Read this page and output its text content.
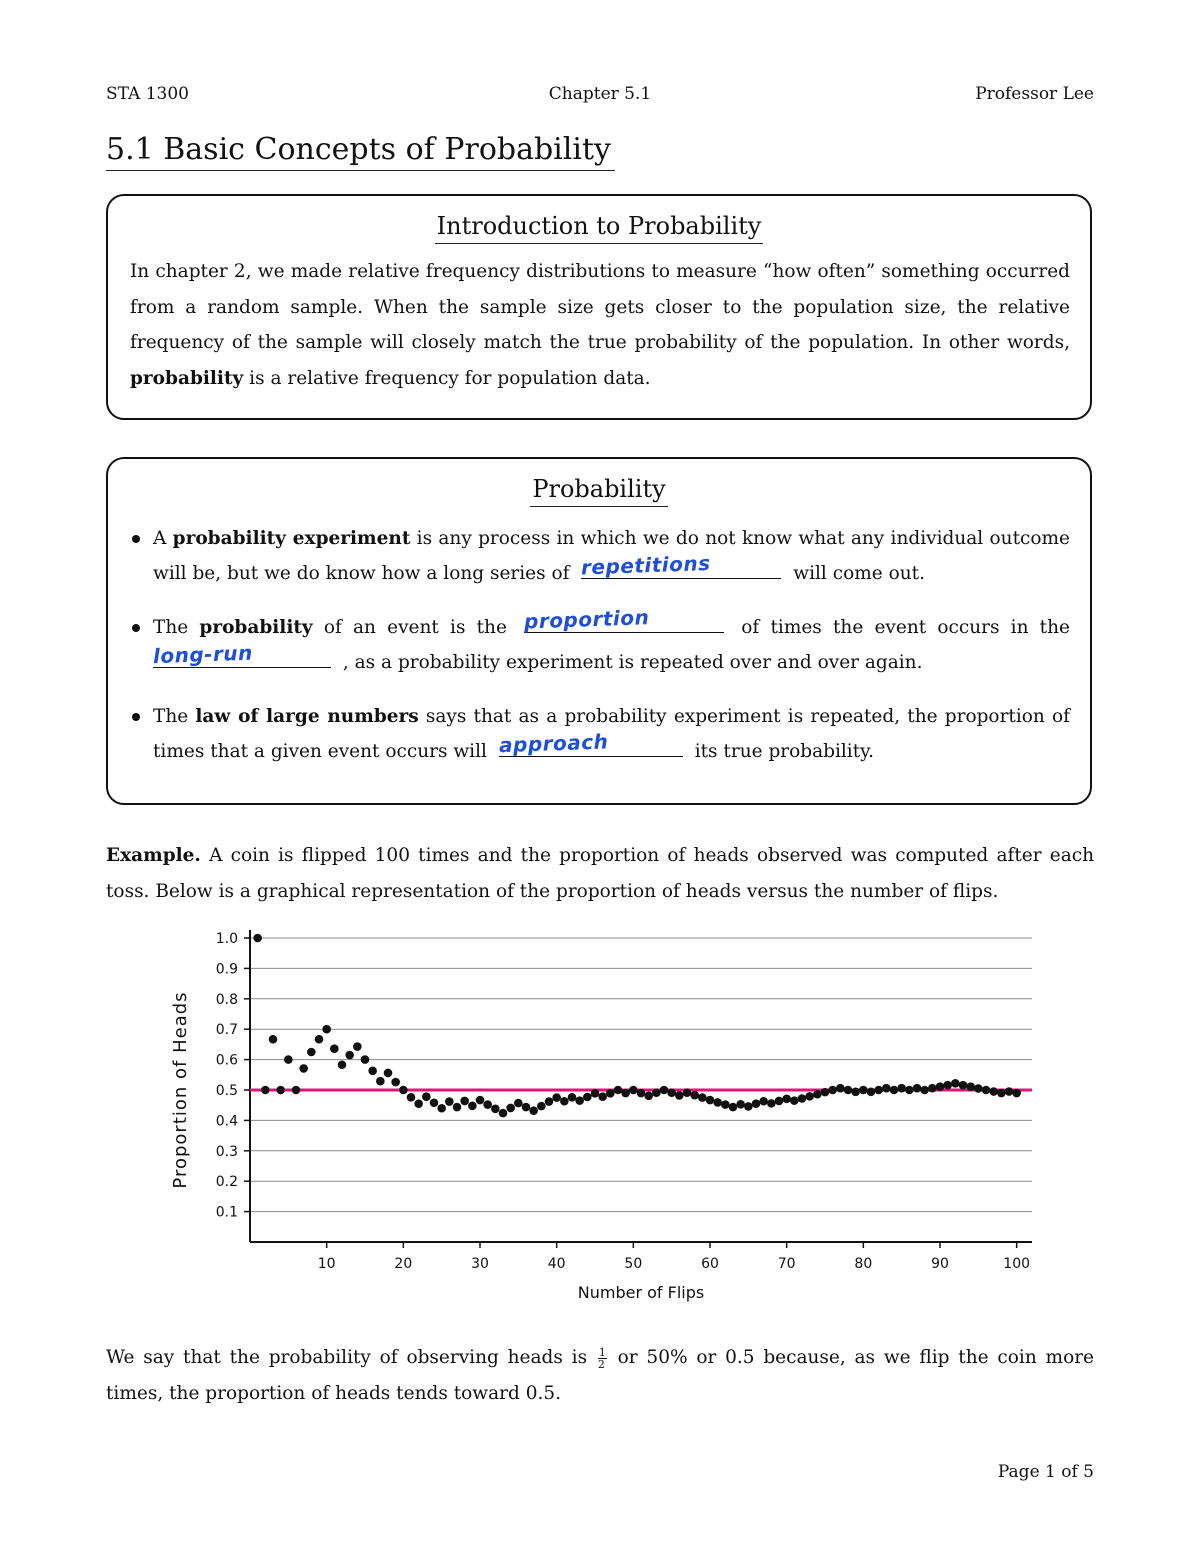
STA 1300	Chapter 5.1	Professor Lee
5.1 Basic Concepts of Probability
Introduction to Probability
In chapter 2, we made relative frequency distributions to measure “how often” something occurred from a random sample. When the sample size gets closer to the population size, the relative frequency of the sample will closely match the true probability of the population. In other words, probability is a relative frequency for population data.
Probability
A probability experiment is any process in which we do not know what any individual outcome will be, but we do know how a long series of repetitions	will come out.
The probability of an event is the proportion	of times the event occurs in the
long-run	, as a probability experiment is repeated over and over again.
The law of large numbers says that as a probability experiment is repeated, the proportion of times that a given event occurs will approach	its true probability.
Example. A coin is flipped 100 times and the proportion of heads observed was computed after each toss. Below is a graphical representation of the proportion of heads versus the number of flips.
0.1
0.2
0.3
0.4
0.5
0.6
0.7
0.8
0.9
1.0
10	20	30	40	50	60	70	80	90	100
Number of Flips
Proportion of Heads
We say that the probability of observing heads is $\frac{1}{2}$ or 50% or 0.5 because, as we flip the coin more times, the proportion of heads tends toward 0.5.
Page 1 of 5
